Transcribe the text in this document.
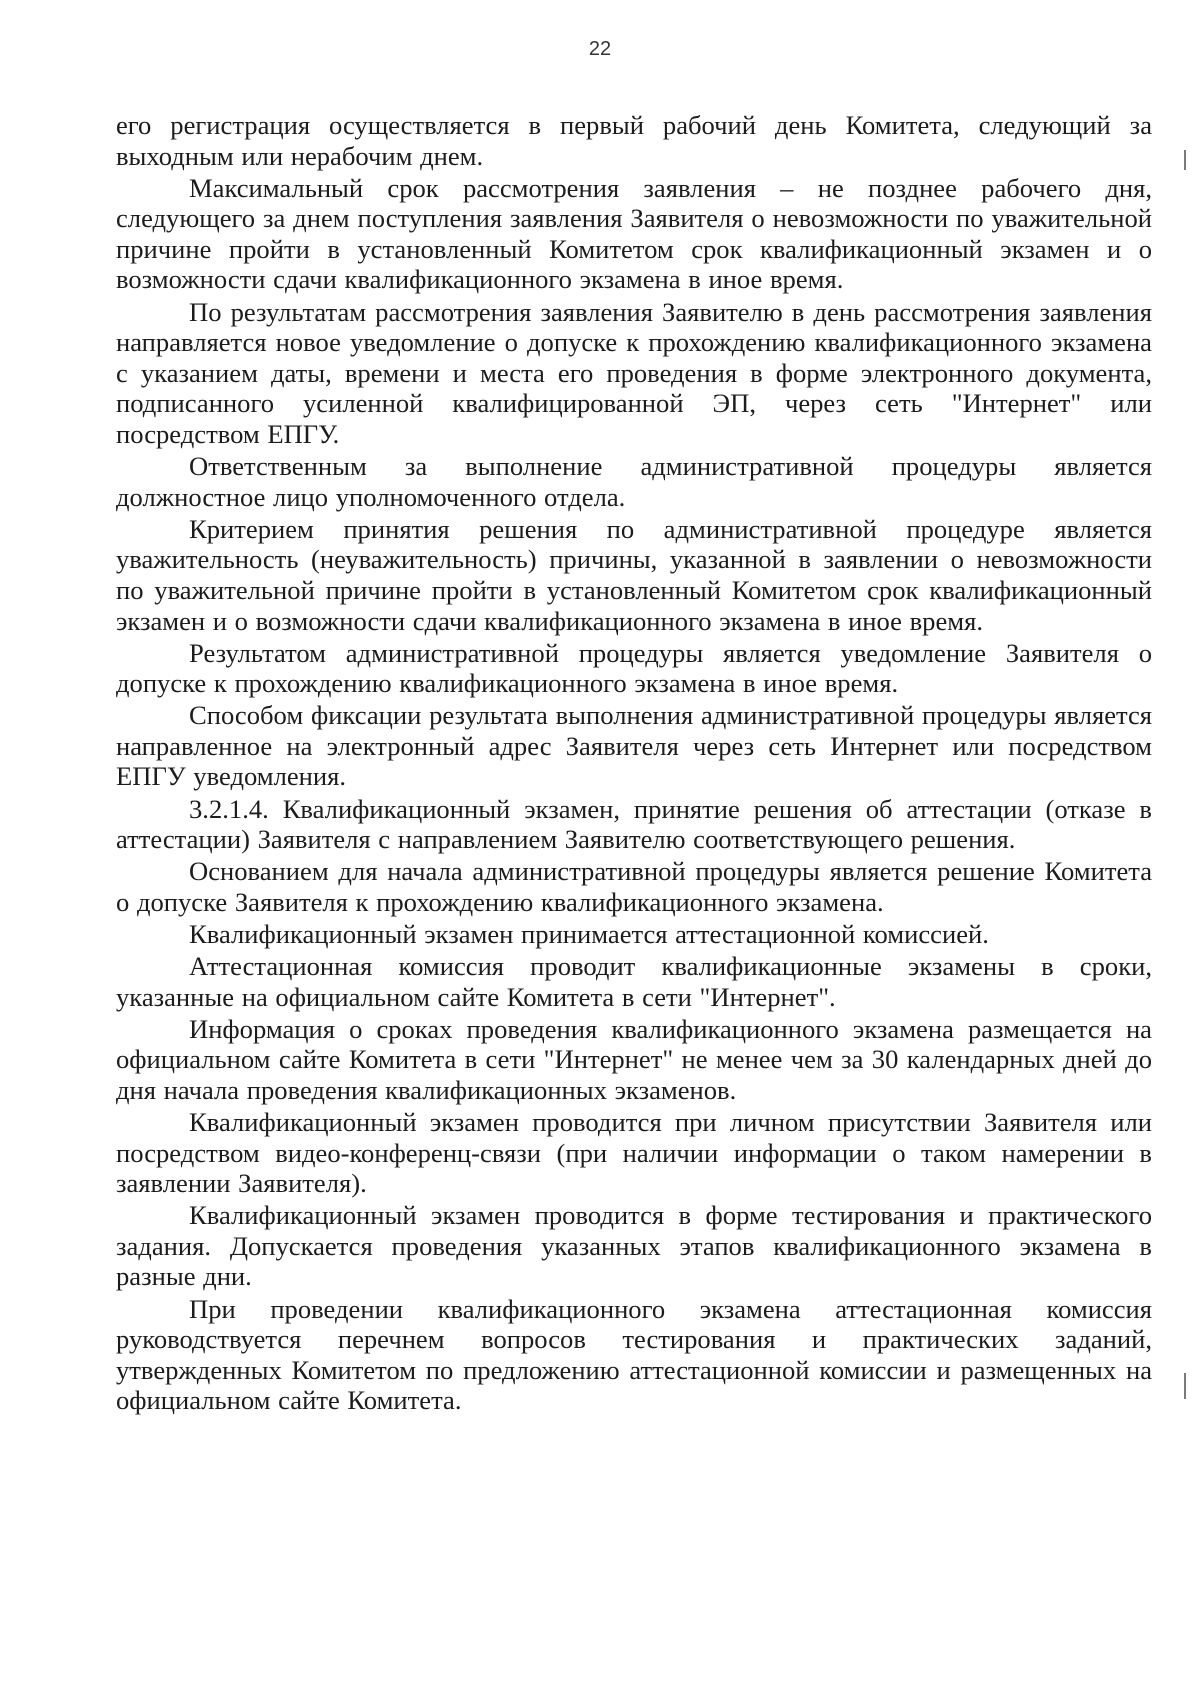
22

его регистрация осуществляется в первый рабочий день Комитета, следующий за выходным или нерабочим днем.

Максимальный срок рассмотрения заявления – не позднее рабочего дня, следующего за днем поступления заявления Заявителя о невозможности по уважительной причине пройти в установленный Комитетом срок квалификационный экзамен и о возможности сдачи квалификационного экзамена в иное время.

По результатам рассмотрения заявления Заявителю в день рассмотрения заявления направляется новое уведомление о допуске к прохождению квалификационного экзамена с указанием даты, времени и места его проведения в форме электронного документа, подписанного усиленной квалифицированной ЭП, через сеть "Интернет" или посредством ЕПГУ.

Ответственным за выполнение административной процедуры является должностное лицо уполномоченного отдела.

Критерием принятия решения по административной процедуре является уважительность (неуважительность) причины, указанной в заявлении о невозможности по уважительной причине пройти в установленный Комитетом срок квалификационный экзамен и о возможности сдачи квалификационного экзамена в иное время.

Результатом административной процедуры является уведомление Заявителя о допуске к прохождению квалификационного экзамена в иное время.

Способом фиксации результата выполнения административной процедуры является направленное на электронный адрес Заявителя через сеть Интернет или посредством ЕПГУ уведомления.

3.2.1.4. Квалификационный экзамен, принятие решения об аттестации (отказе в аттестации) Заявителя с направлением Заявителю соответствующего решения.

Основанием для начала административной процедуры является решение Комитета о допуске Заявителя к прохождению квалификационного экзамена.

Квалификационный экзамен принимается аттестационной комиссией.

Аттестационная комиссия проводит квалификационные экзамены в сроки, указанные на официальном сайте Комитета в сети "Интернет".

Информация о сроках проведения квалификационного экзамена размещается на официальном сайте Комитета в сети "Интернет" не менее чем за 30 календарных дней до дня начала проведения квалификационных экзаменов.

Квалификационный экзамен проводится при личном присутствии Заявителя или посредством видео-конференц-связи (при наличии информации о таком намерении в заявлении Заявителя).

Квалификационный экзамен проводится в форме тестирования и практического задания. Допускается проведения указанных этапов квалификационного экзамена в разные дни.

При проведении квалификационного экзамена аттестационная комиссия руководствуется перечнем вопросов тестирования и практических заданий, утвержденных Комитетом по предложению аттестационной комиссии и размещенных на официальном сайте Комитета.
